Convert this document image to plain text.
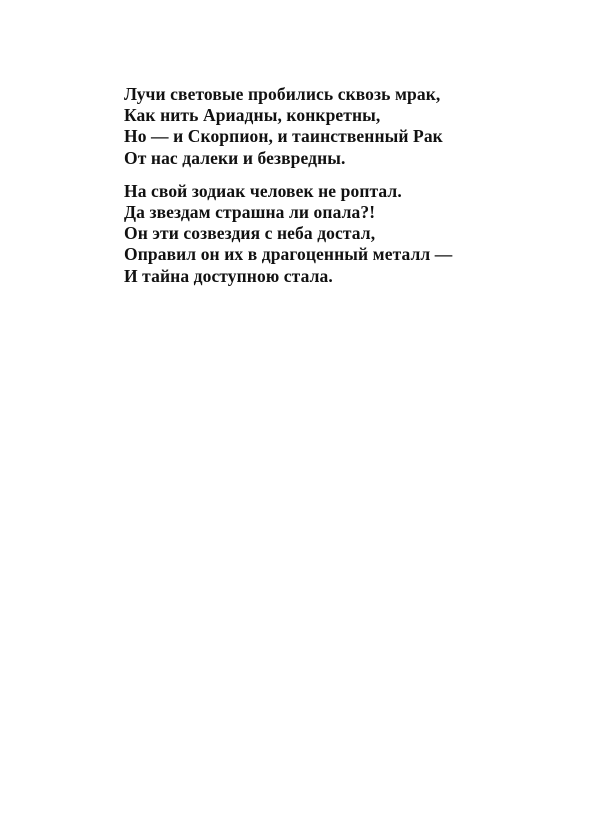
Лучи световые пробились сквозь мрак,
Как нить Ариадны, конкретны,
Но — и Скорпион, и таинственный Рак
От нас далеки и безвредны.

На свой зодиак человек не роптал.
Да звездам страшна ли опала?!
Он эти созвездия с неба достал,
Оправил он их в драгоценный металл —
И тайна доступною стала.
